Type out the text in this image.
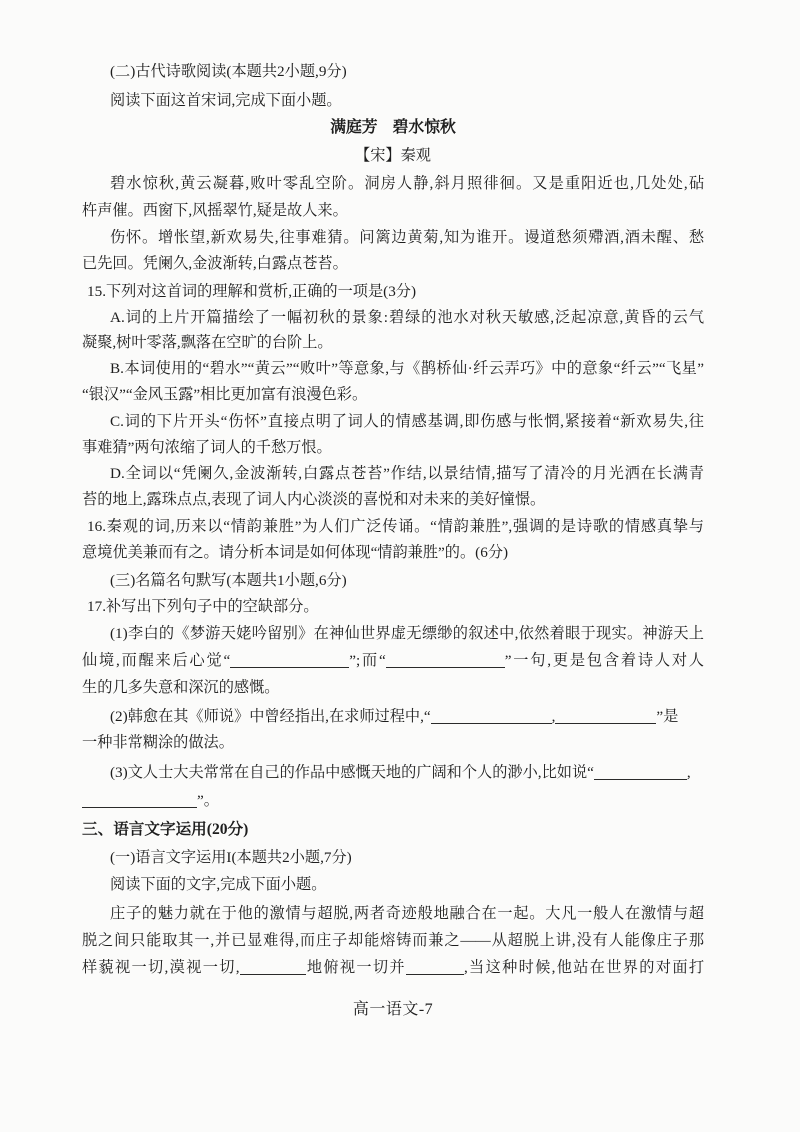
(二)古代诗歌阅读(本题共2小题,9分)
阅读下面这首宋词,完成下面小题。
满庭芳 碧水惊秋
【宋】秦观
碧水惊秋,黄云凝暮,败叶零乱空阶。洞房人静,斜月照徘徊。又是重阳近也,几处处,砧
杵声催。西窗下,风摇翠竹,疑是故人来。
伤怀。增怅望,新欢易失,往事难猜。问篱边黄菊,知为谁开。谩道愁须殢酒,酒未醒、愁
已先回。凭阑久,金波渐转,白露点苍苔。
15.下列对这首词的理解和赏析,正确的一项是(3分)
A.词的上片开篇描绘了一幅初秋的景象:碧绿的池水对秋天敏感,泛起凉意,黄昏的云气
凝聚,树叶零落,飘落在空旷的台阶上。
B.本词使用的“碧水”“黄云”“败叶”等意象,与《鹊桥仙·纤云弄巧》中的意象“纤云”“飞星”
“银汉”“金风玉露”相比更加富有浪漫色彩。
C.词的下片开头“伤怀”直接点明了词人的情感基调,即伤感与怅惘,紧接着“新欢易失,往
事难猜”两句浓缩了词人的千愁万恨。
D.全词以“凭阑久,金波渐转,白露点苍苔”作结,以景结情,描写了清冷的月光洒在长满青
苔的地上,露珠点点,表现了词人内心淡淡的喜悦和对未来的美好憧憬。
16.秦观的词,历来以“情韵兼胜”为人们广泛传诵。“情韵兼胜”,强调的是诗歌的情感真挚与
意境优美兼而有之。请分析本词是如何体现“情韵兼胜”的。(6分)
(三)名篇名句默写(本题共1小题,6分)
17.补写出下列句子中的空缺部分。
(1)李白的《梦游天姥吟留别》在神仙世界虚无缥缈的叙述中,依然着眼于现实。神游天上
仙境,而醒来后心觉“	”;而“	”一句,更是包含着诗人对人
生的几多失意和深沉的感慨。
(2)韩愈在其《师说》中曾经指出,在求师过程中,“	,	”是
一种非常糊涂的做法。
(3)文人士大夫常常在自己的作品中感慨天地的广阔和个人的渺小,比如说“	,
”。
三、语言文字运用(20分)
(一)语言文字运用I(本题共2小题,7分)
阅读下面的文字,完成下面小题。
庄子的魅力就在于他的激情与超脱,两者奇迹般地融合在一起。大凡一般人在激情与超
脱之间只能取其一,并已显难得,而庄子却能熔铸而兼之——从超脱上讲,没有人能像庄子那
样藐视一切,漠视一切,	地俯视一切并	,当这种时候,他站在世界的对面打
高一语文-7
